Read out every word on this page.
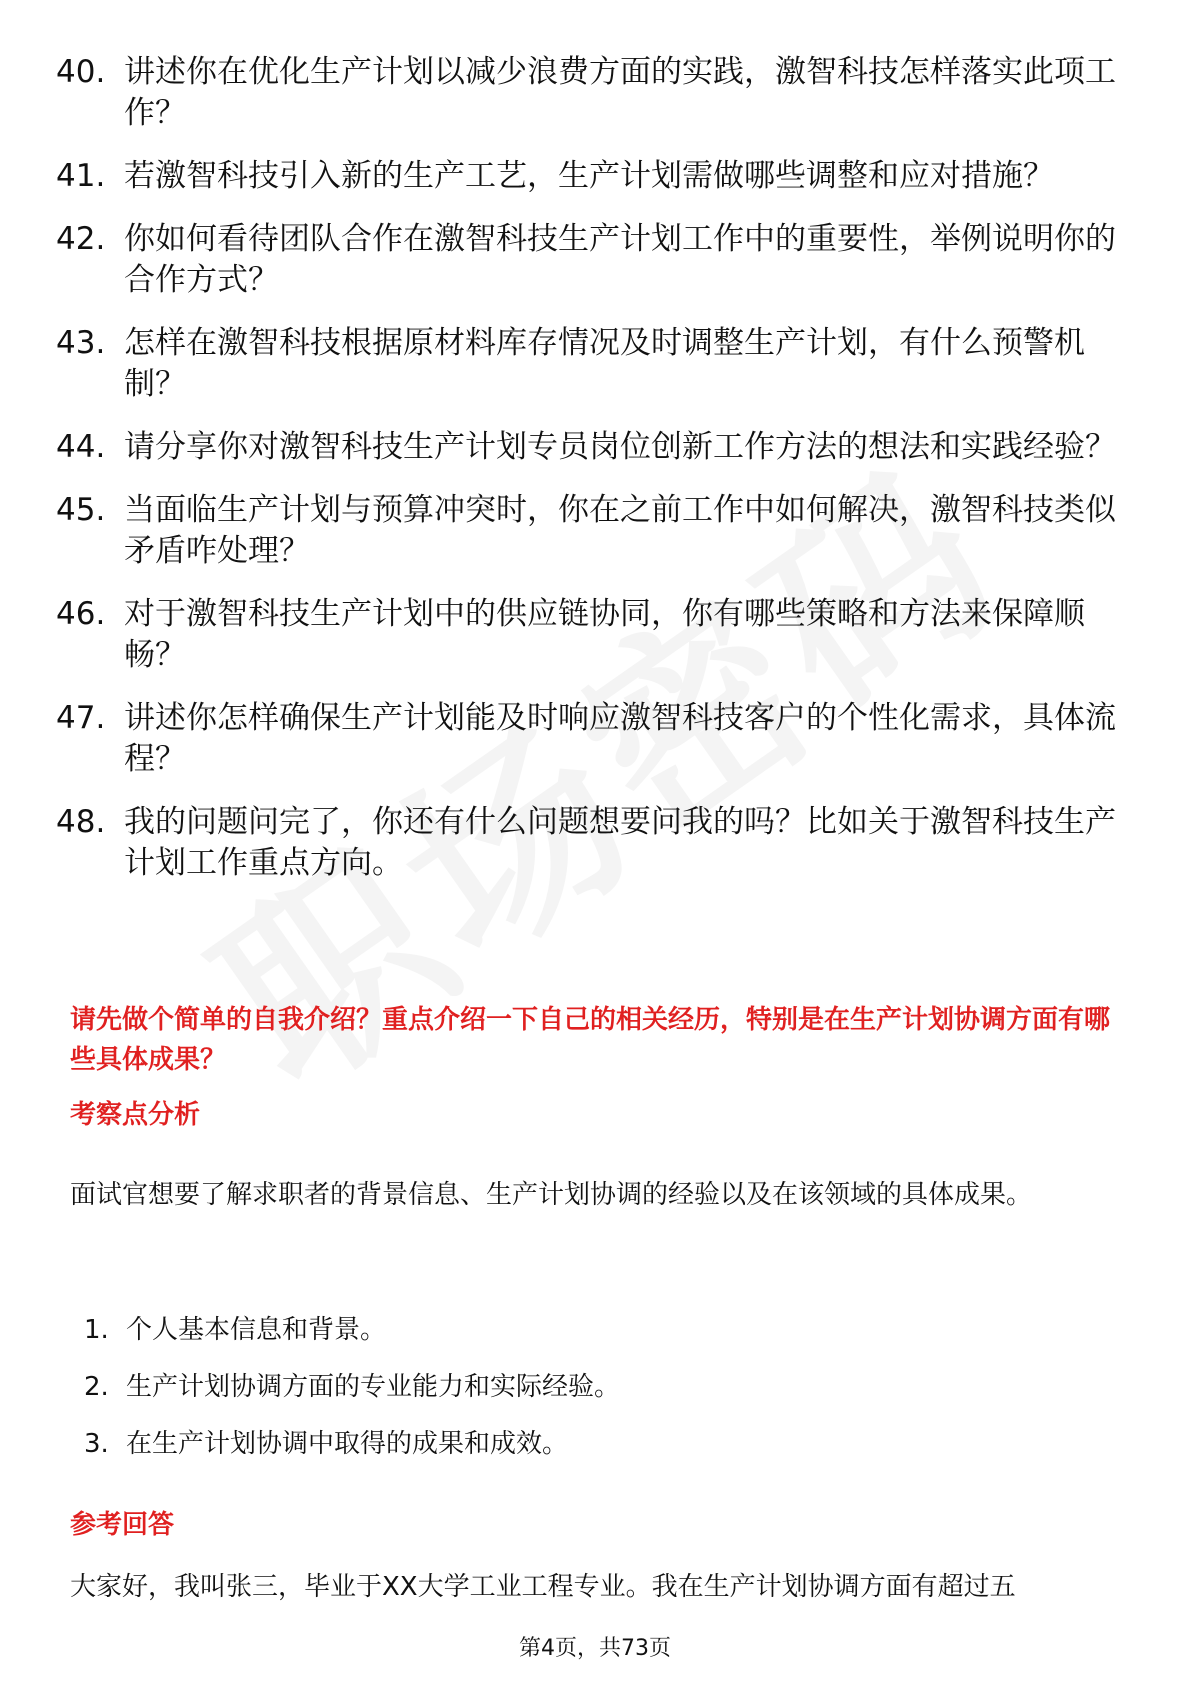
40. 讲述你在优化生产计划以减少浪费方面的实践，激智科技怎样落实此项工作？
41. 若激智科技引入新的生产工艺，生产计划需做哪些调整和应对措施？
42. 你如何看待团队合作在激智科技生产计划工作中的重要性，举例说明你的合作方式？
43. 怎样在激智科技根据原材料库存情况及时调整生产计划，有什么预警机制？
44. 请分享你对激智科技生产计划专员岗位创新工作方法的想法和实践经验？
45. 当面临生产计划与预算冲突时，你在之前工作中如何解决，激智科技类似矛盾咋处理？
46. 对于激智科技生产计划中的供应链协同，你有哪些策略和方法来保障顺畅？
47. 讲述你怎样确保生产计划能及时响应激智科技客户的个性化需求，具体流程？
48. 我的问题问完了，你还有什么问题想要问我的吗？比如关于激智科技生产计划工作重点方向。
请先做个简单的自我介绍？重点介绍一下自己的相关经历，特别是在生产计划协调方面有哪些具体成果？
考察点分析
面试官想要了解求职者的背景信息、生产计划协调的经验以及在该领域的具体成果。
1. 个人基本信息和背景。
2. 生产计划协调方面的专业能力和实际经验。
3. 在生产计划协调中取得的成果和成效。
参考回答
大家好，我叫张三，毕业于XX大学工业工程专业。我在生产计划协调方面有超过五
第4页，共73页
